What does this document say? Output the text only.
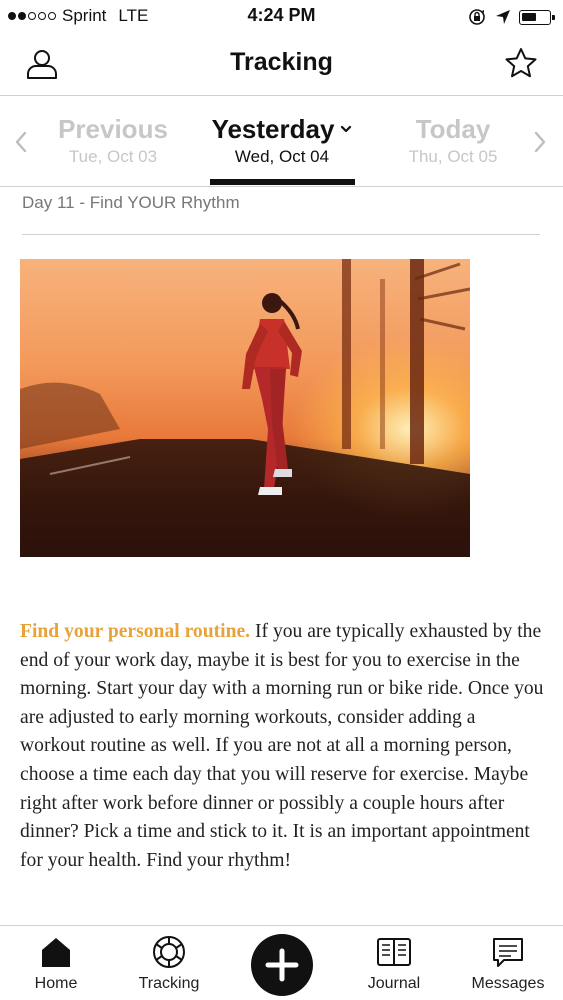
Sprint LTE	4:24 PM
Tracking
Previous
Tue, Oct 03
Yesterday
Wed, Oct 04
Today
Thu, Oct 05
Day 11 - Find YOUR Rhythm
Find your personal routine. If you are typically exhausted by the end of your work day, maybe it is best for you to exercise in the morning. Start your day with a morning run or bike ride. Once you are adjusted to early morning workouts, consider adding a workout routine as well. If you are not at all a morning person, choose a time each day that you will reserve for exercise. Maybe right after work before dinner or possibly a couple hours after dinner? Pick a time and stick to it. It is an important appointment for your health. Find your rhythm!
Home	Tracking	Journal	Messages
